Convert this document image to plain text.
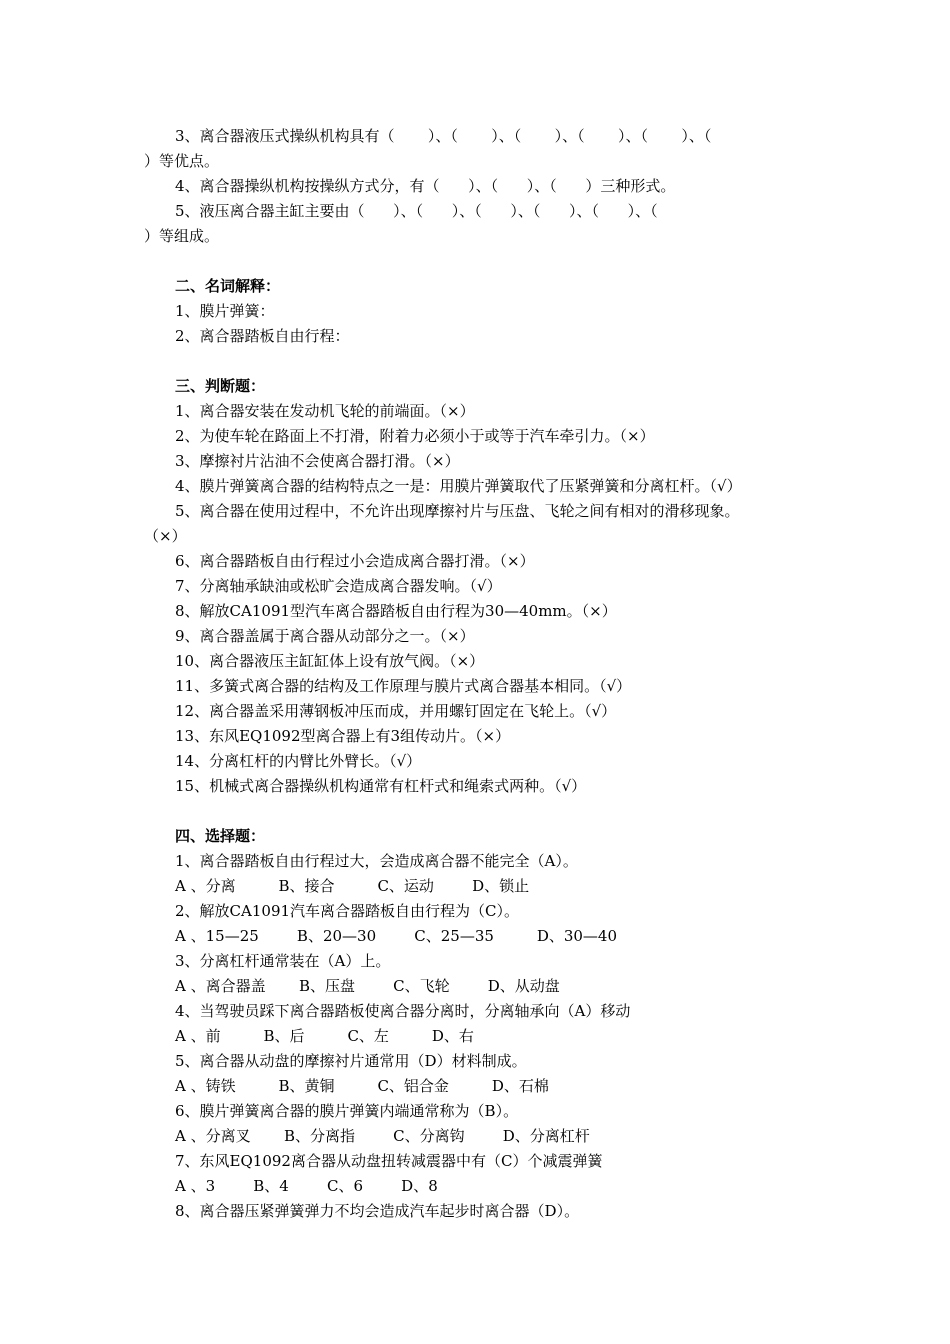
3、离合器液压式操纵机构具有（       ）、（       ）、（       ）、（       ）、（       ）、（
）等优点。
4、离合器操纵机构按操纵方式分，有（      ）、（      ）、（      ）三种形式。
5、液压离合器主缸主要由（      ）、（      ）、（      ）、（      ）、（      ）、（
）等组成。
二、名词解释：
1、膜片弹簧：
2、离合器踏板自由行程：
三、判断题：
1、离合器安装在发动机飞轮的前端面。（×）
2、为使车轮在路面上不打滑，附着力必须小于或等于汽车牵引力。（×）
3、摩擦衬片沾油不会使离合器打滑。（×）
4、膜片弹簧离合器的结构特点之一是：用膜片弹簧取代了压紧弹簧和分离杠杆。（√）
5、离合器在使用过程中，不允许出现摩擦衬片与压盘、飞轮之间有相对的滑移现象。
（×）
6、离合器踏板自由行程过小会造成离合器打滑。（×）
7、分离轴承缺油或松旷会造成离合器发响。（√）
8、解放CA1091型汽车离合器踏板自由行程为30—40mm。（×）
9、离合器盖属于离合器从动部分之一。（×）
10、离合器液压主缸缸体上设有放气阀。（×）
11、多簧式离合器的结构及工作原理与膜片式离合器基本相同。（√）
12、离合器盖采用薄钢板冲压而成，并用螺钉固定在飞轮上。（√）
13、东风EQ1092型离合器上有3组传动片。（×）
14、分离杠杆的内臂比外臂长。（√）
15、机械式离合器操纵机构通常有杠杆式和绳索式两种。（√）
四、选择题：
1、离合器踏板自由行程过大，会造成离合器不能完全（A）。
A 、分离         B、接合         C、运动        D、锁止
2、解放CA1091汽车离合器踏板自由行程为（C）。
A 、15—25        B、20—30        C、25—35         D、30—40
3、分离杠杆通常装在（A）上。
A 、离合器盖       B、压盘        C、飞轮        D、从动盘
4、当驾驶员踩下离合器踏板使离合器分离时，分离轴承向（A）移动
A 、前         B、后         C、左         D、右
5、离合器从动盘的摩擦衬片通常用（D）材料制成。
A 、铸铁         B、黄铜         C、铝合金         D、石棉
6、膜片弹簧离合器的膜片弹簧内端通常称为（B）。
A 、分离叉       B、分离指        C、分离钩        D、分离杠杆
7、东风EQ1092离合器从动盘扭转减震器中有（C）个减震弹簧
A 、3        B、4        C、6        D、8
8、离合器压紧弹簧弹力不均会造成汽车起步时离合器（D）。
